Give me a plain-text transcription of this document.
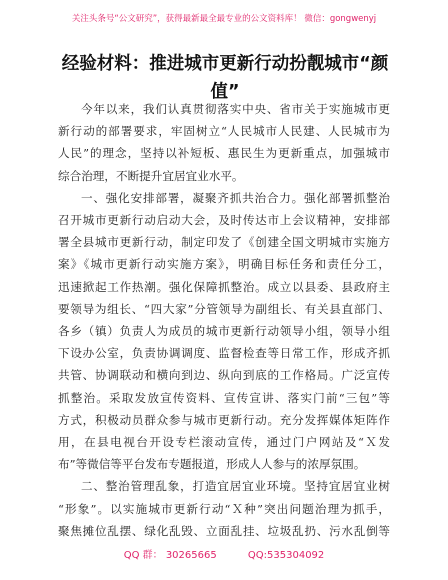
关注头条号“公文研究”，获得最新最全最专业的公文资料库！ 微信：gongwenyj
经验材料：推进城市更新行动扮靓城市“颜
值”
今年以来，我们认真贯彻落实中央、省市关于实施城市更
新行动的部署要求，牢固树立“人民城市人民建、人民城市为
人民”的理念，坚持以补短板、惠民生为更新重点，加强城市
综合治理，不断提升宜居宜业水平。
一、强化安排部署，凝聚齐抓共治合力。强化部署抓整治
召开城市更新行动启动大会，及时传达市上会议精神，安排部
署全县城市更新行动，制定印发了《创建全国文明城市实施方
案》《城市更新行动实施方案》，明确目标任务和责任分工，
迅速掀起工作热潮。强化保障抓整治。成立以县委、县政府主
要领导为组长、“四大家”分管领导为副组长、有关县直部门、
各乡（镇）负责人为成员的城市更新行动领导小组，领导小组
下设办公室，负责协调调度、监督检查等日常工作，形成齐抓
共管、协调联动和横向到边、纵向到底的工作格局。广泛宣传
抓整治。采取发放宣传资料、宣传宣讲、落实门前“三包”等
方式，积极动员群众参与城市更新行动。充分发挥媒体矩阵作
用，在县电视台开设专栏滚动宣传，通过门户网站及“Ｘ发
布”等微信等平台发布专题报道，形成人人参与的浓厚氛围。
二、整治管理乱象，打造宜居宜业环境。坚持宜居宜业树
“形象”。以实施城市更新行动“Ｘ种”突出问题治理为抓手，
聚焦摊位乱摆、绿化乱毁、立面乱挂、垃圾乱扔、污水乱倒等
QQ 群： 30265665	QQ:535304092
